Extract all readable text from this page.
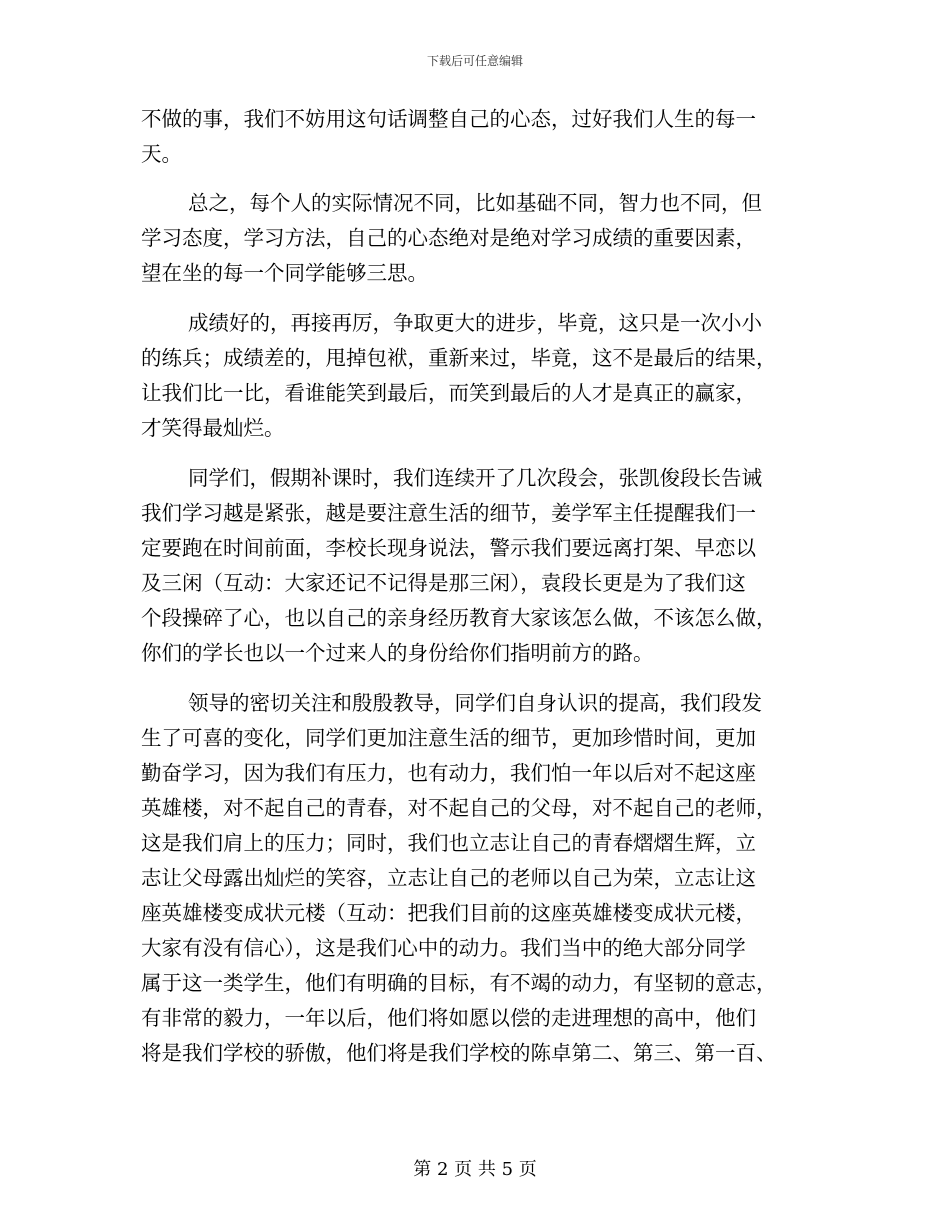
下载后可任意编辑
不做的事，我们不妨用这句话调整自己的心态，过好我们人生的每一
天。
总之，每个人的实际情况不同，比如基础不同，智力也不同，但
学习态度，学习方法，自己的心态绝对是绝对学习成绩的重要因素，
望在坐的每一个同学能够三思。
成绩好的，再接再厉，争取更大的进步，毕竟，这只是一次小小
的练兵；成绩差的，甩掉包袱，重新来过，毕竟，这不是最后的结果，
让我们比一比，看谁能笑到最后，而笑到最后的人才是真正的赢家，
才笑得最灿烂。
同学们，假期补课时，我们连续开了几次段会，张凯俊段长告诫
我们学习越是紧张，越是要注意生活的细节，姜学军主任提醒我们一
定要跑在时间前面，李校长现身说法，警示我们要远离打架、早恋以
及三闲（互动：大家还记不记得是那三闲），袁段长更是为了我们这
个段操碎了心，也以自己的亲身经历教育大家该怎么做，不该怎么做，
你们的学长也以一个过来人的身份给你们指明前方的路。
领导的密切关注和殷殷教导，同学们自身认识的提高，我们段发
生了可喜的变化，同学们更加注意生活的细节，更加珍惜时间，更加
勤奋学习，因为我们有压力，也有动力，我们怕一年以后对不起这座
英雄楼，对不起自己的青春，对不起自己的父母，对不起自己的老师，
这是我们肩上的压力；同时，我们也立志让自己的青春熠熠生辉，立
志让父母露出灿烂的笑容，立志让自己的老师以自己为荣，立志让这
座英雄楼变成状元楼（互动：把我们目前的这座英雄楼变成状元楼，
大家有没有信心），这是我们心中的动力。我们当中的绝大部分同学
属于这一类学生，他们有明确的目标，有不竭的动力，有坚韧的意志，
有非常的毅力，一年以后，他们将如愿以偿的走进理想的高中，他们
将是我们学校的骄傲，他们将是我们学校的陈卓第二、第三、第一百、
第 2 页 共 5 页
